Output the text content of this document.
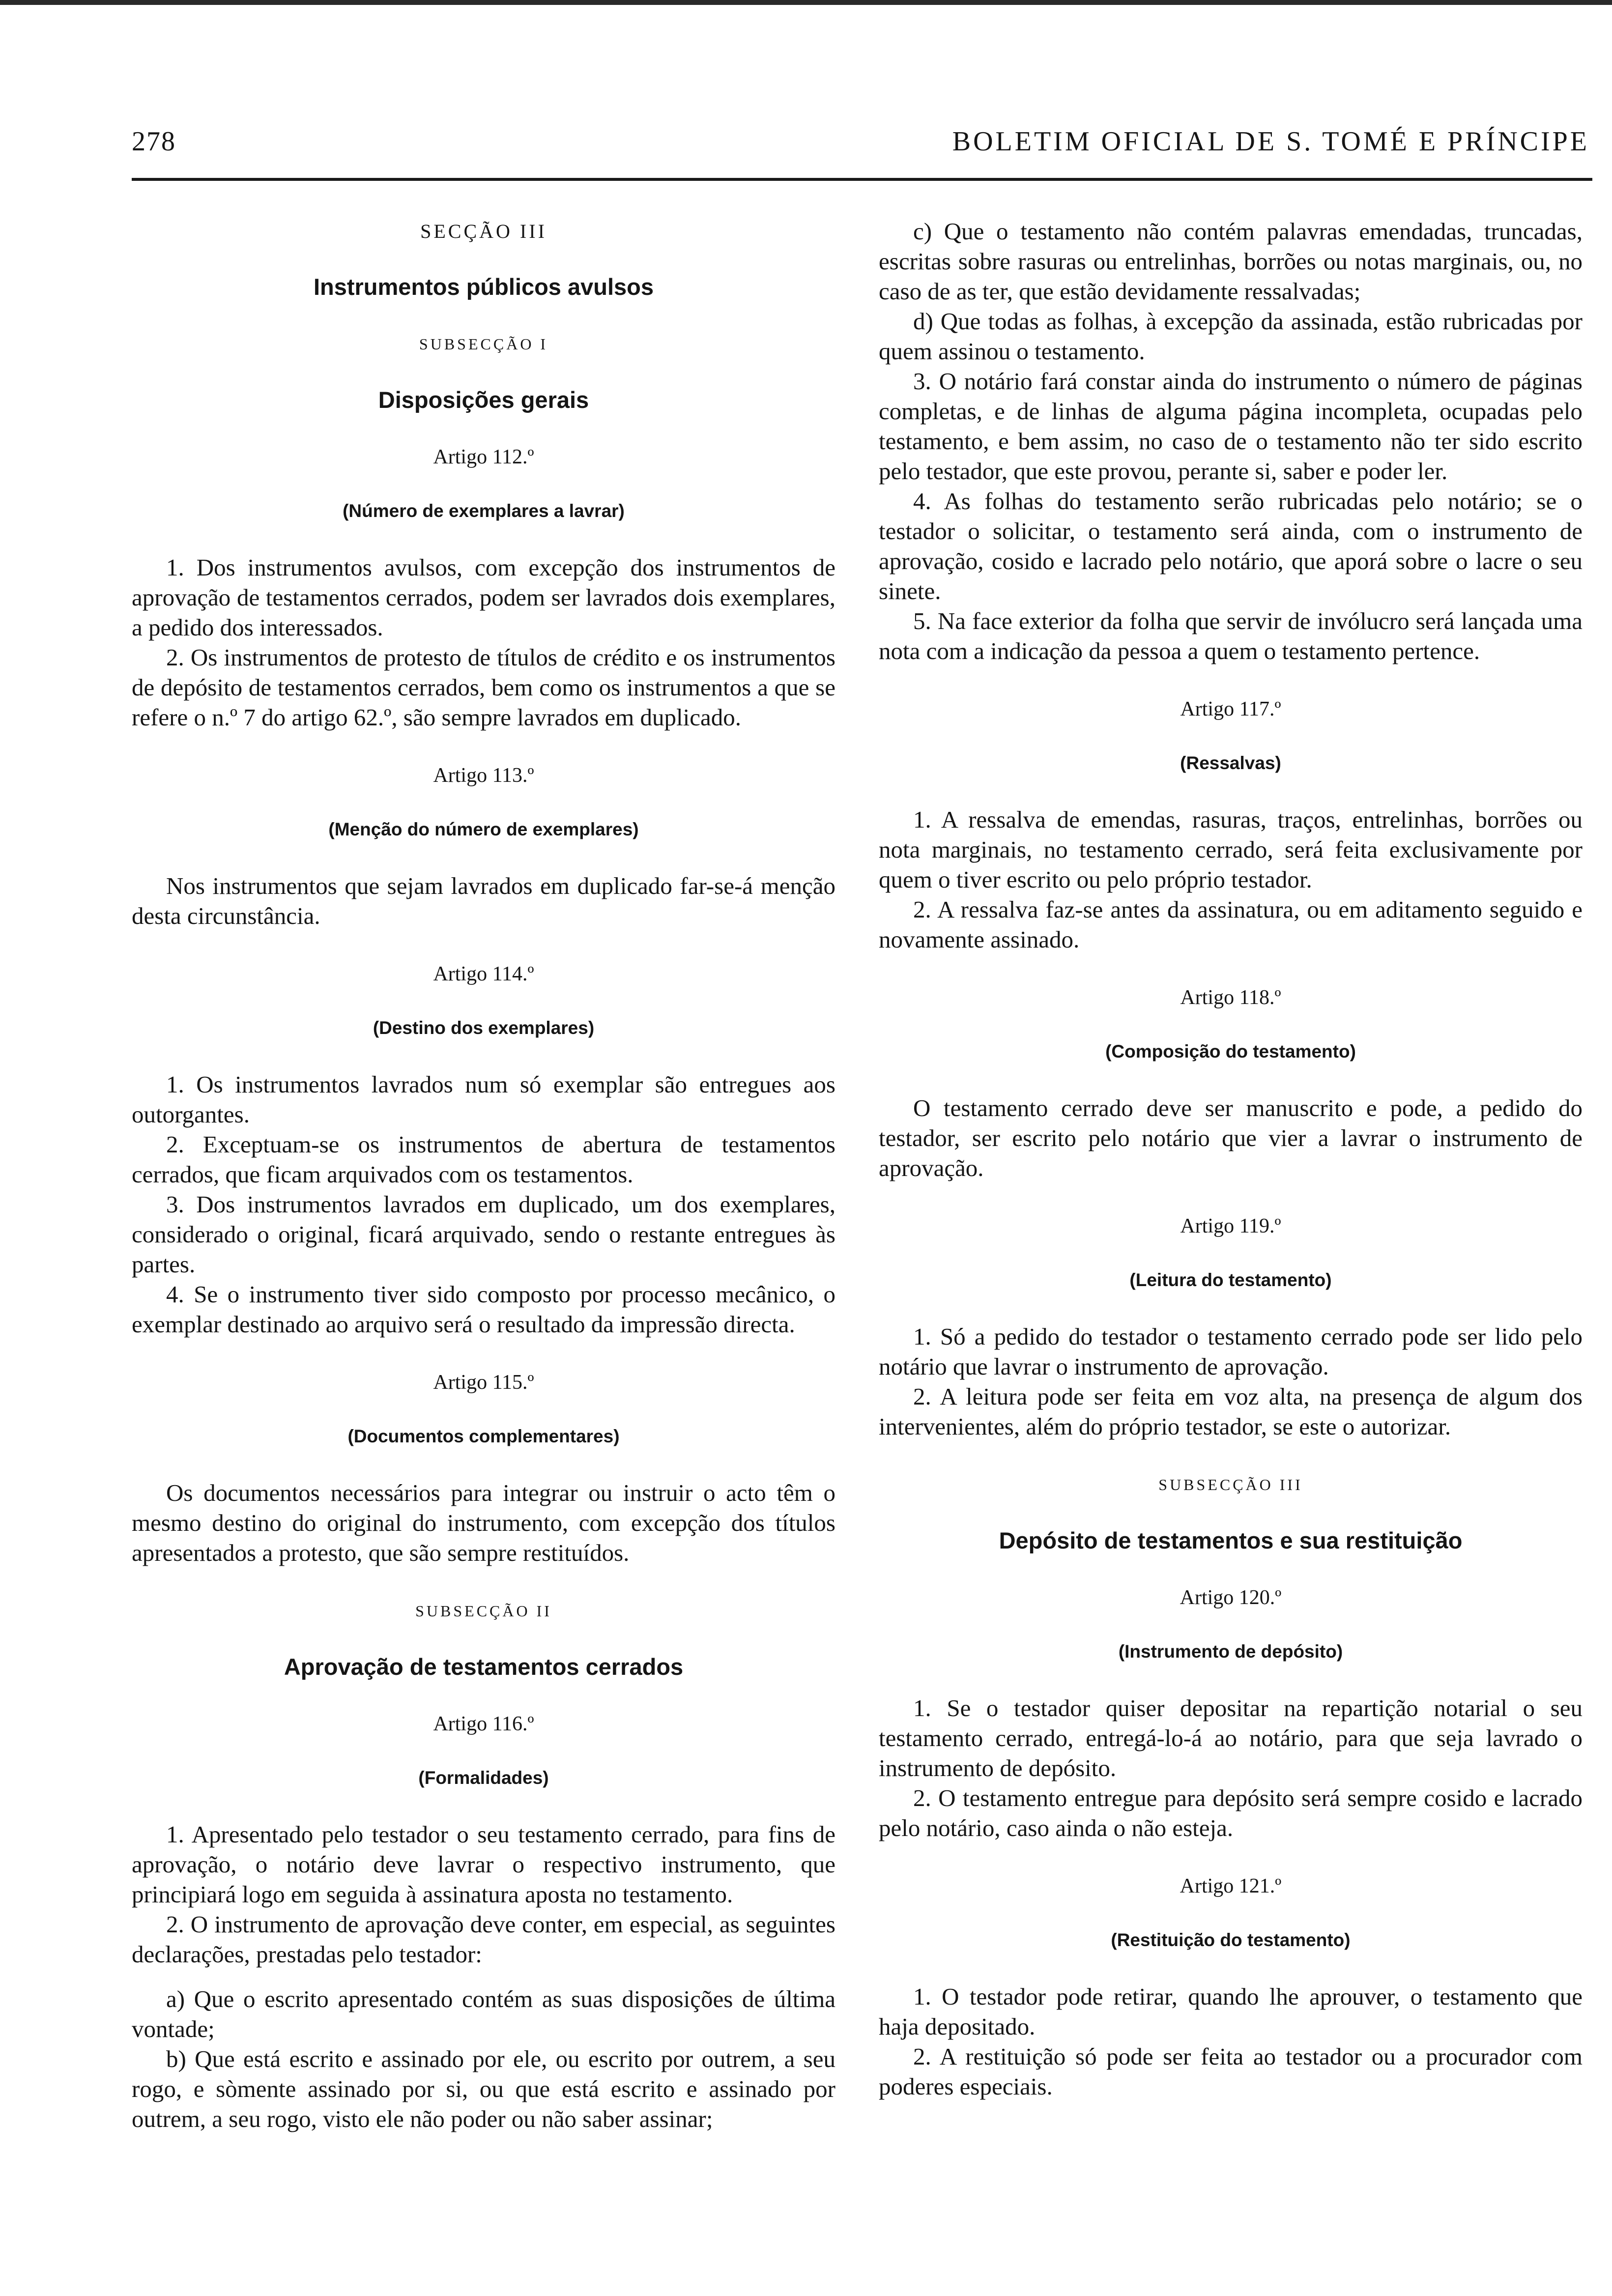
278	BOLETIM OFICIAL DE S. TOMÉ E PRÍNCIPE
SECÇÃO III
Instrumentos públicos avulsos
SUBSECÇÃO I
Disposições gerais
Artigo 112.º
(Número de exemplares a lavrar)

1. Dos instrumentos avulsos, com excepção dos instrumentos de aprovação de testamentos cerrados, podem ser lavrados dois exemplares, a pedido dos interessados.

2. Os instrumentos de protesto de títulos de crédito e os instrumentos de depósito de testamentos cerrados, bem como os instrumentos a que se refere o n.º 7 do artigo 62.º, são sempre lavrados em duplicado.

Artigo 113.º
(Menção do número de exemplares)

Nos instrumentos que sejam lavrados em duplicado far-se-á menção desta circunstância.

Artigo 114.º
(Destino dos exemplares)

1. Os instrumentos lavrados num só exemplar são entregues aos outorgantes.

2. Exceptuam-se os instrumentos de abertura de testamentos cerrados, que ficam arquivados com os testamentos.

3. Dos instrumentos lavrados em duplicado, um dos exemplares, considerado o original, ficará arquivado, sendo o restante entregues às partes.

4. Se o instrumento tiver sido composto por processo mecânico, o exemplar destinado ao arquivo será o resultado da impressão directa.

Artigo 115.º
(Documentos complementares)

Os documentos necessários para integrar ou instruir o acto têm o mesmo destino do original do instrumento, com excepção dos títulos apresentados a protesto, que são sempre restituídos.

SUBSECÇÃO II
Aprovação de testamentos cerrados
Artigo 116.º
(Formalidades)

1. Apresentado pelo testador o seu testamento cerrado, para fins de aprovação, o notário deve lavrar o respectivo instrumento, que principiará logo em seguida à assinatura aposta no testamento.

2. O instrumento de aprovação deve conter, em especial, as seguintes declarações, prestadas pelo testador:

a) Que o escrito apresentado contém as suas disposições de última vontade;

b) Que está escrito e assinado por ele, ou escrito por outrem, a seu rogo, e sòmente assinado por si, ou que está escrito e assinado por outrem, a seu rogo, visto ele não poder ou não saber assinar;

c) Que o testamento não contém palavras emendadas, truncadas, escritas sobre rasuras ou entrelinhas, borrões ou notas marginais, ou, no caso de as ter, que estão devidamente ressalvadas;

d) Que todas as folhas, à excepção da assinada, estão rubricadas por quem assinou o testamento.

3. O notário fará constar ainda do instrumento o número de páginas completas, e de linhas de alguma página incompleta, ocupadas pelo testamento, e bem assim, no caso de o testamento não ter sido escrito pelo testador, que este provou, perante si, saber e poder ler.

4. As folhas do testamento serão rubricadas pelo notário; se o testador o solicitar, o testamento será ainda, com o instrumento de aprovação, cosido e lacrado pelo notário, que aporá sobre o lacre o seu sinete.

5. Na face exterior da folha que servir de invólucro será lançada uma nota com a indicação da pessoa a quem o testamento pertence.

Artigo 117.º
(Ressalvas)

1. A ressalva de emendas, rasuras, traços, entrelinhas, borrões ou nota marginais, no testamento cerrado, será feita exclusivamente por quem o tiver escrito ou pelo próprio testador.

2. A ressalva faz-se antes da assinatura, ou em aditamento seguido e novamente assinado.

Artigo 118.º
(Composição do testamento)

O testamento cerrado deve ser manuscrito e pode, a pedido do testador, ser escrito pelo notário que vier a lavrar o instrumento de aprovação.

Artigo 119.º
(Leitura do testamento)

1. Só a pedido do testador o testamento cerrado pode ser lido pelo notário que lavrar o instrumento de aprovação.

2. A leitura pode ser feita em voz alta, na presença de algum dos intervenientes, além do próprio testador, se este o autorizar.

SUBSECÇÃO III
Depósito de testamentos e sua restituição
Artigo 120.º
(Instrumento de depósito)

1. Se o testador quiser depositar na repartição notarial o seu testamento cerrado, entregá-lo-á ao notário, para que seja lavrado o instrumento de depósito.

2. O testamento entregue para depósito será sempre cosido e lacrado pelo notário, caso ainda o não esteja.

Artigo 121.º
(Restituição do testamento)

1. O testador pode retirar, quando lhe aprouver, o testamento que haja depositado.

2. A restituição só pode ser feita ao testador ou a procurador com poderes especiais.
